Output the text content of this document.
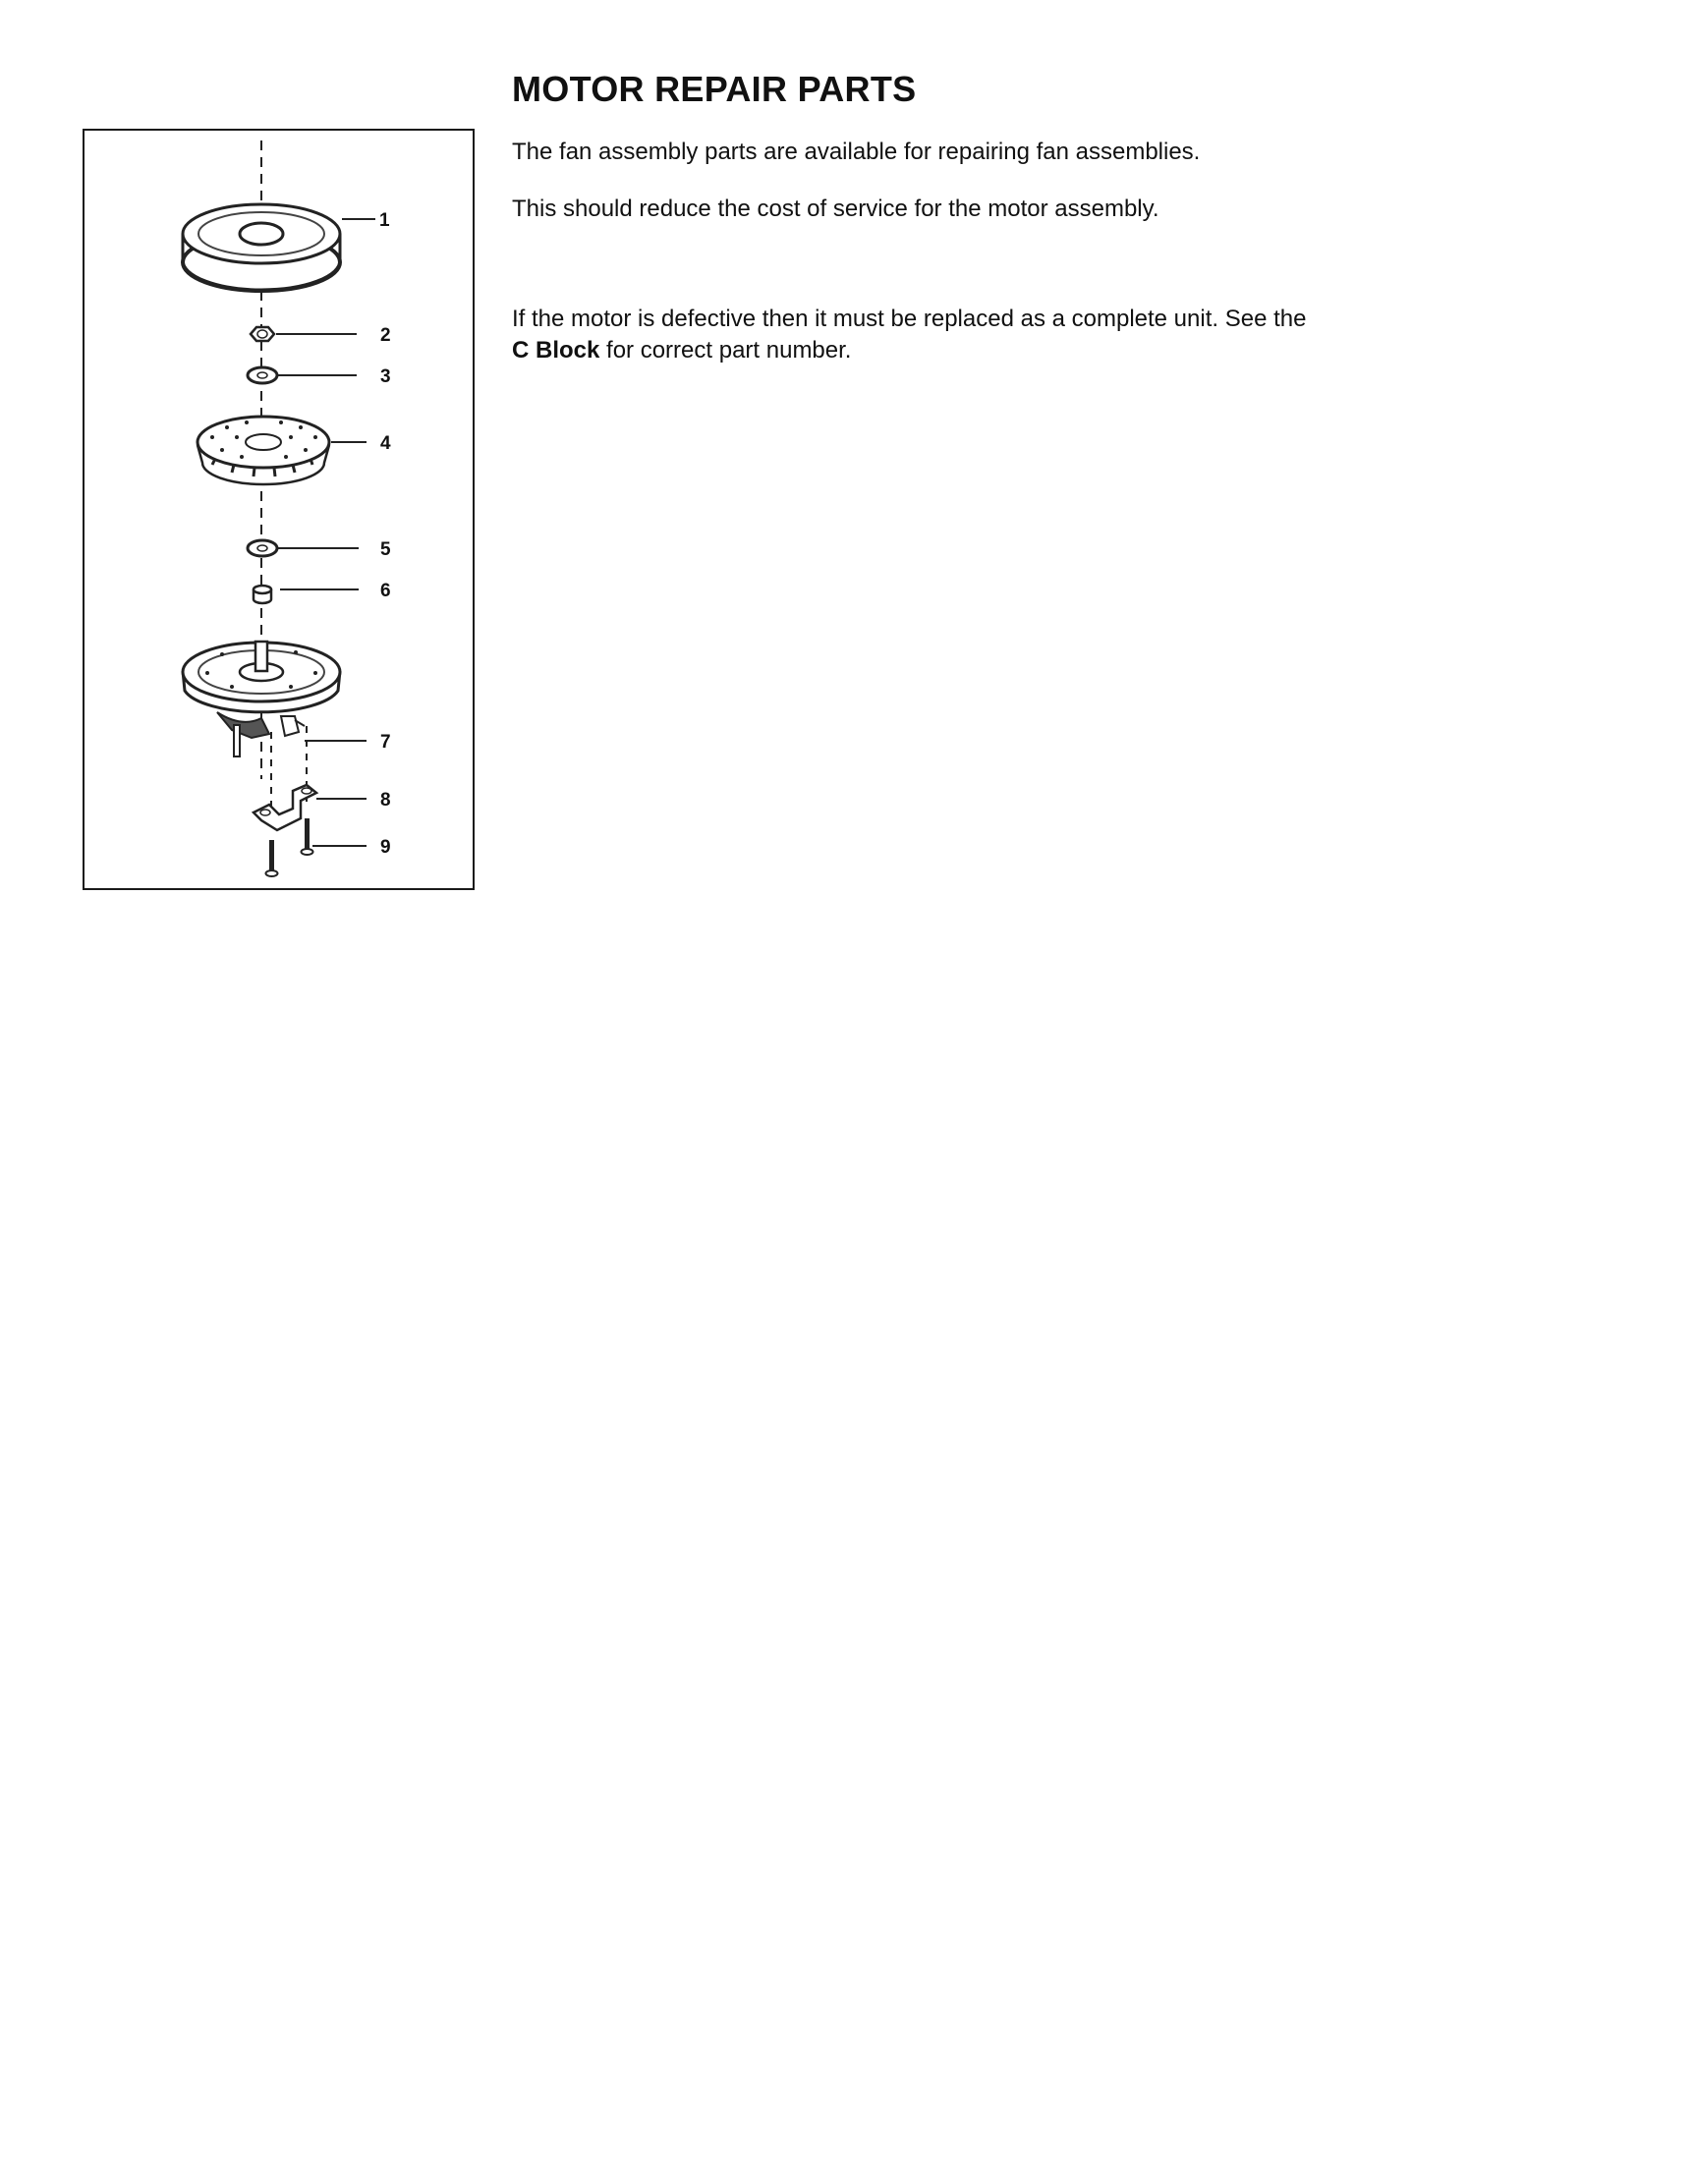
1
2
3
4
5
6
7
8
9
MOTOR REPAIR PARTS

The fan assembly parts are available for repairing fan assemblies.

This should reduce the cost of service for the motor assembly.

If the motor is defective then it must be replaced as a complete unit. See the
C Block for correct part number.
